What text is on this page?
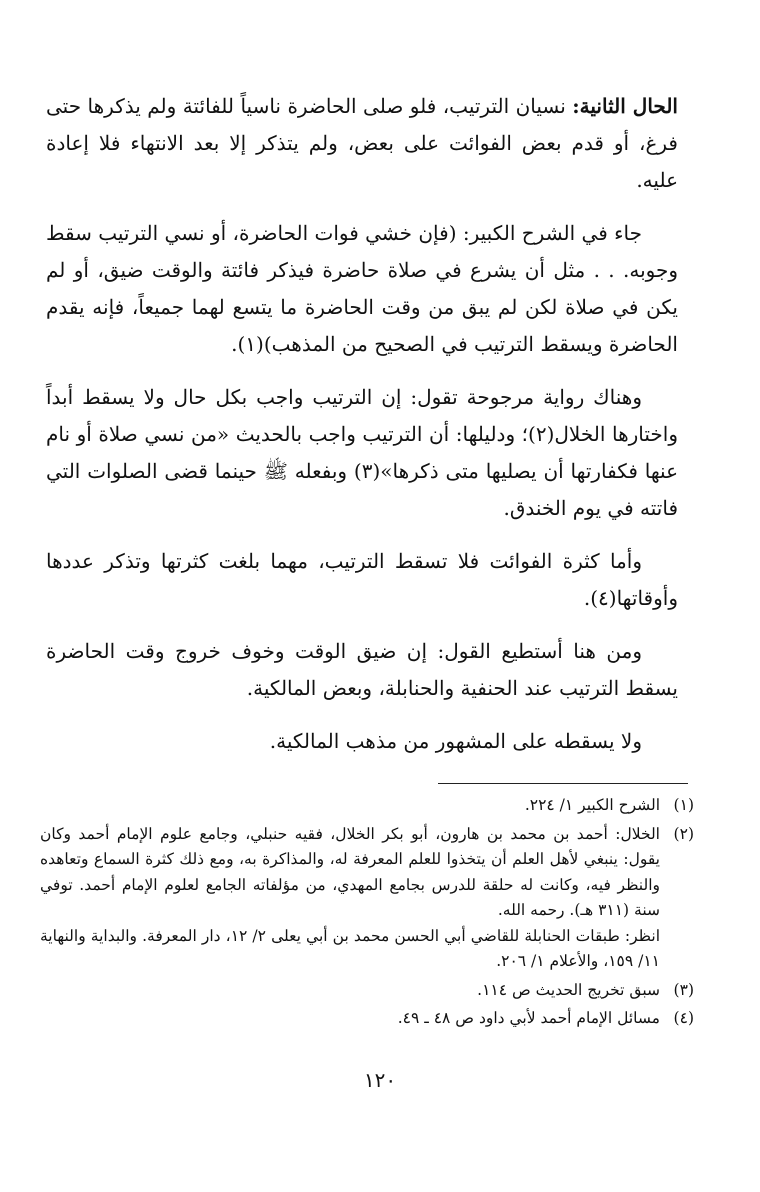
الحال الثانية: نسيان الترتيب، فلو صلى الحاضرة ناسياً للفائتة ولم يذكرها حتى فرغ، أو قدم بعض الفوائت على بعض، ولم يتذكر إلا بعد الانتهاء فلا إعادة عليه.

جاء في الشرح الكبير: (فإن خشي فوات الحاضرة، أو نسي الترتيب سقط وجوبه. . . مثل أن يشرع في صلاة حاضرة فيذكر فائتة والوقت ضيق، أو لم يكن في صلاة لكن لم يبق من وقت الحاضرة ما يتسع لهما جميعاً، فإنه يقدم الحاضرة ويسقط الترتيب في الصحيح من المذهب)(١).

وهناك رواية مرجوحة تقول: إن الترتيب واجب بكل حال ولا يسقط أبداً واختارها الخلال(٢)؛ ودليلها: أن الترتيب واجب بالحديث «من نسي صلاة أو نام عنها فكفارتها أن يصليها متى ذكرها»(٣) وبفعله ﷺ حينما قضى الصلوات التي فاتته في يوم الخندق.

وأما كثرة الفوائت فلا تسقط الترتيب، مهما بلغت كثرتها وتذكر عددها وأوقاتها(٤).

ومن هنا أستطيع القول: إن ضيق الوقت وخوف خروج وقت الحاضرة يسقط الترتيب عند الحنفية والحنابلة، وبعض المالكية.

ولا يسقطه على المشهور من مذهب المالكية.

(١)

الشرح الكبير ١/ ٢٢٤.

(٢)

الخلال: أحمد بن محمد بن هارون، أبو بكر الخلال، فقيه حنبلي، وجامع علوم الإمام أحمد وكان يقول: ينبغي لأهل العلم أن يتخذوا للعلم المعرفة له، والمذاكرة به، ومع ذلك كثرة السماع وتعاهده والنظر فيه، وكانت له حلقة للدرس بجامع المهدي، من مؤلفاته الجامع لعلوم الإمام أحمد. توفي سنة (٣١١ هـ). رحمه الله.

انظر: طبقات الحنابلة للقاضي أبي الحسن محمد بن أبي يعلى ٢/ ١٢، دار المعرفة. والبداية والنهاية ١١/ ١٥٩، والأعلام ١/ ٢٠٦.

(٣)

سبق تخريج الحديث ص ١١٤.

(٤)

مسائل الإمام أحمد لأبي داود ص ٤٨ ـ ٤٩.

١٢٠
